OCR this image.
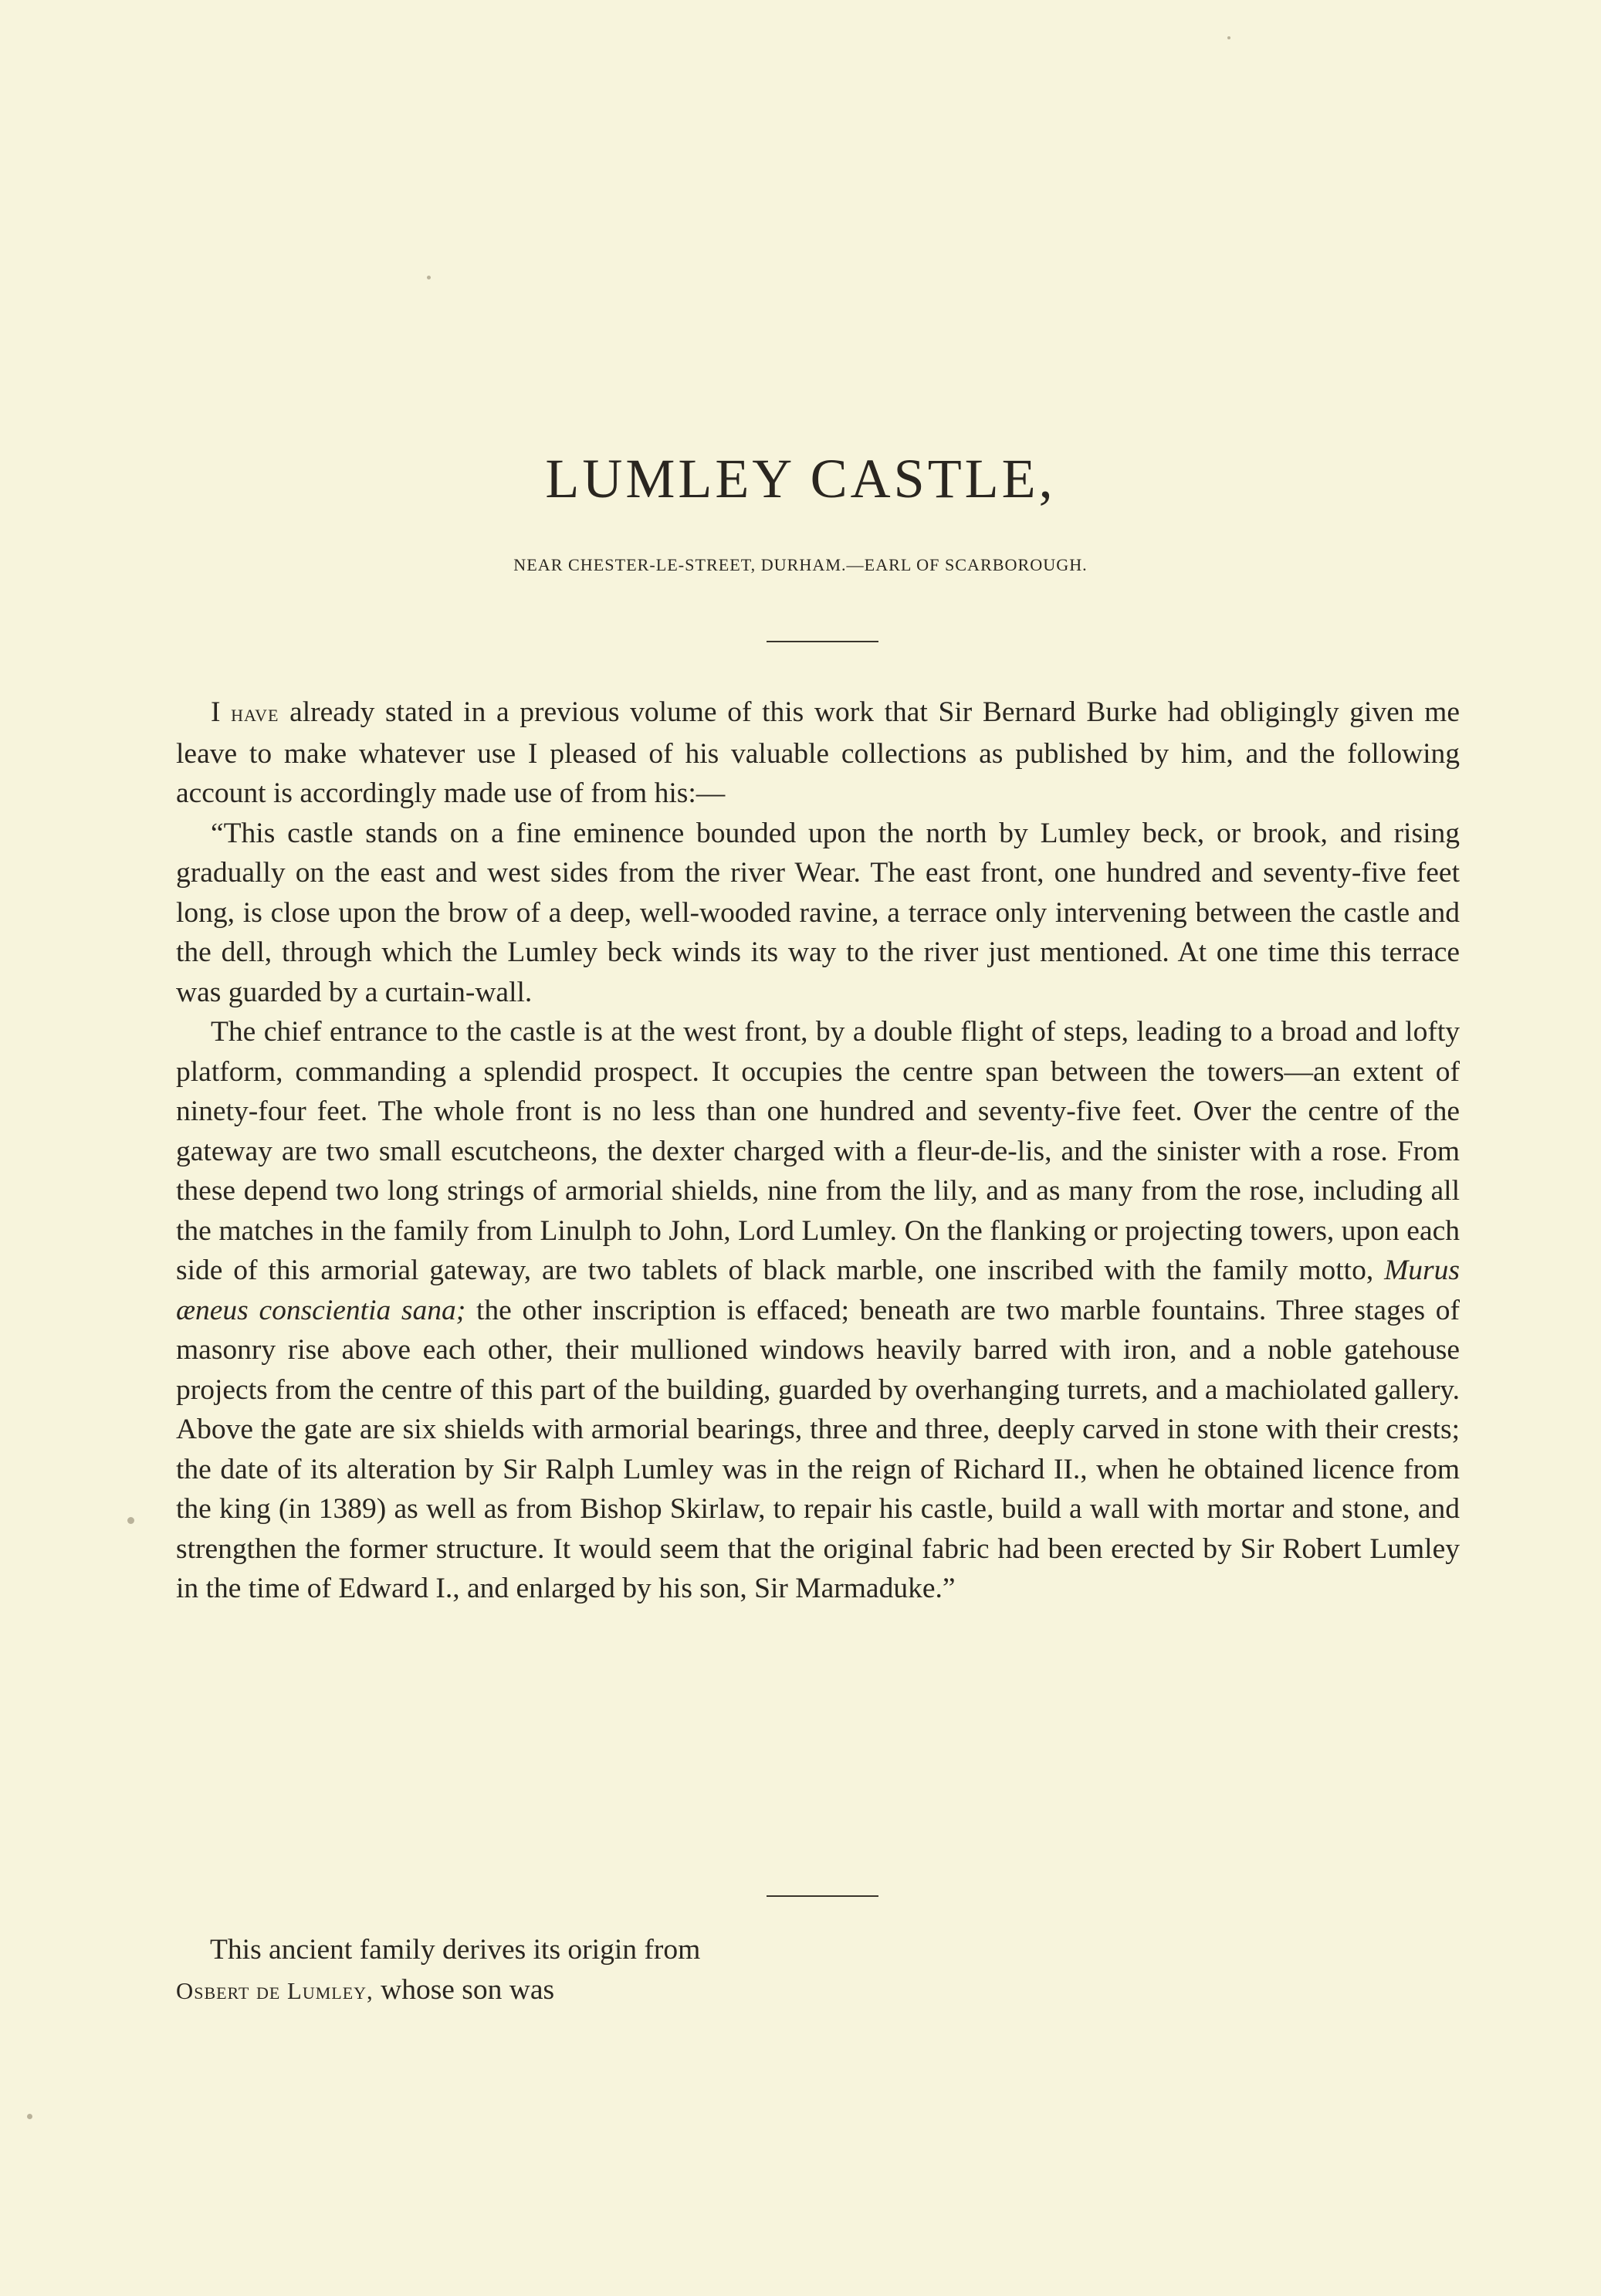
LUMLEY CASTLE,
NEAR CHESTER-LE-STREET, DURHAM.—EARL OF SCARBOROUGH.

I have already stated in a previous volume of this work that Sir Bernard Burke had obligingly given me leave to make whatever use I pleased of his valuable collections as published by him, and the following account is accordingly made use of from his:—

“This castle stands on a fine eminence bounded upon the north by Lumley beck, or brook, and rising gradually on the east and west sides from the river Wear. The east front, one hundred and seventy-five feet long, is close upon the brow of a deep, well-wooded ravine, a terrace only intervening between the castle and the dell, through which the Lumley beck winds its way to the river just mentioned. At one time this terrace was guarded by a curtain-wall.

The chief entrance to the castle is at the west front, by a double flight of steps, leading to a broad and lofty platform, commanding a splendid prospect. It occupies the centre span between the towers—an extent of ninety-four feet. The whole front is no less than one hundred and seventy-five feet. Over the centre of the gateway are two small escutcheons, the dexter charged with a fleur-de-lis, and the sinister with a rose. From these depend two long strings of armorial shields, nine from the lily, and as many from the rose, including all the matches in the family from Linulph to John, Lord Lumley. On the flanking or projecting towers, upon each side of this armorial gateway, are two tablets of black marble, one inscribed with the family motto, Murus æneus conscientia sana; the other inscription is effaced; beneath are two marble fountains. Three stages of masonry rise above each other, their mullioned windows heavily barred with iron, and a noble gatehouse projects from the centre of this part of the building, guarded by overhanging turrets, and a machiolated gallery. Above the gate are six shields with armorial bearings, three and three, deeply carved in stone with their crests; the date of its alteration by Sir Ralph Lumley was in the reign of Richard II., when he obtained licence from the king (in 1389) as well as from Bishop Skirlaw, to repair his castle, build a wall with mortar and stone, and strengthen the former structure. It would seem that the original fabric had been erected by Sir Robert Lumley in the time of Edward I., and enlarged by his son, Sir Marmaduke.”

This ancient family derives its origin from
Osbert de Lumley, whose son was
